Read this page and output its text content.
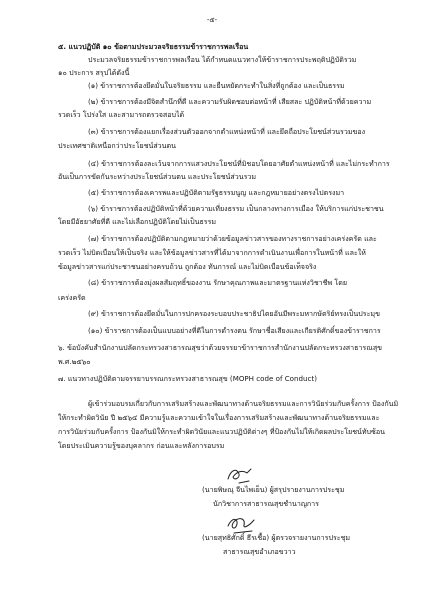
-๕-
๕. แนวปฏิบัติ ๑๐ ข้อตามประมวลจริยธรรมข้าราชการพลเรือน
ประมวลจริยธรรมข้าราชการพลเรือน ได้กำหนดแนวทางให้ข้าราชการประพฤติปฏิบัติรวม
๑๐ ประการ สรุปได้ดังนี้
(๑) ข้าราชการต้องยึดมั่นในจริยธรรม และยืนหยัดกระทำในสิ่งที่ถูกต้อง และเป็นธรรม
(๒) ข้าราชการต้องมีจิตสำนึกที่ดี และความรับผิดชอบต่อหน้าที่ เสียสละ ปฏิบัติหน้าที่ด้วยความ
รวดเร็ว โปร่งใส และสามารถตรวจสอบได้
(๓) ข้าราชการต้องแยกเรื่องส่วนตัวออกจากตำแหน่งหน้าที่ และยึดถือประโยชน์ส่วนรวมของ
ประเทศชาติเหนือกว่าประโยชน์ส่วนตน
(๔) ข้าราชการต้องละเว้นจากการแสวงประโยชน์ที่มิชอบโดยอาศัยตำแหน่งหน้าที่ และไม่กระทำการ
อันเป็นการขัดกันระหว่างประโยชน์ส่วนตน และประโยชน์ส่วนรวม
(๕) ข้าราชการต้องเคารพและปฏิบัติตามรัฐธรรมนูญ และกฎหมายอย่างตรงไปตรงมา
(๖) ข้าราชการต้องปฏิบัติหน้าที่ด้วยความเที่ยงธรรม เป็นกลางทางการเมือง ให้บริการแก่ประชาชน
โดยมีอัธยาศัยที่ดี และไม่เลือกปฏิบัติโดยไม่เป็นธรรม
(๗) ข้าราชการต้องปฏิบัติตามกฎหมายว่าด้วยข้อมูลข่าวสารของทางราชการอย่างเคร่งครัด และ
รวดเร็ว ไม่บิดเบือนให้เป็นจริง และให้ข้อมูลข่าวสารที่ได้มาจากการดำเนินงานเพื่อการในหน้าที่ และให้
ข้อมูลข่าวสารแก่ประชาชนอย่างครบถ้วน ถูกต้อง ทันการณ์ และไม่บิดเบือนข้อเท็จจริง
(๘) ข้าราชการต้องมุ่งผลสัมฤทธิ์ของงาน รักษาคุณภาพและมาตรฐานแห่งวิชาชีพ โดย
เคร่งครัด
(๙) ข้าราชการต้องยึดมั่นในการปกครองระบอบประชาธิปไตยอันมีพระมหากษัตริย์ทรงเป็นประมุข
(๑๐) ข้าราชการต้องเป็นแบบอย่างที่ดีในการดำรงตน รักษาชื่อเสียงและเกียรติศักดิ์ของข้าราชการ
๖. ข้อบังคับสำนักงานปลัดกระทรวงสาธารณสุขว่าด้วยจรรยาข้าราชการสำนักงานปลัดกระทรวงสาธารณสุข
พ.ศ.๒๕๖๐
๗. แนวทางปฏิบัติตามจรรยาบรรณกระทรวงสาธารณสุข (MOPH code of Conduct)
ผู้เข้าร่วมอบรมเกี่ยวกับการเสริมสร้างและพัฒนาทางด้านจริยธรรมและการวินัยร่วมกับครั้งการ ป้องกันมิ
ให้กระทำผิดวินัย ปี ๒๕๖๔ มีความรู้และความเข้าใจในเรื่องการเสริมสร้างและพัฒนาทางด้านจริยธรรมและ
การวินัยร่วมกับครั้งการ ป้องกันมิให้กระทำผิดวินัยและแนวปฏิบัติต่างๆ ที่ป้องกันไม่ให้เกิดผลประโยชน์ทับซ้อน
โดยประเมินความรู้ของบุคลากร ก่อนและหลังการอบรม
(นายพิษณุ จีนไพเย็น) ผู้สรุปรายงานการประชุม
นักวิชาการสาธารณสุขชำนาญการ
(นายสุทธิศักดิ์ ธีรเชื้อ) ผู้ตรวจรายงานการประชุม
สาธารณสุขอำเภอขวาว
